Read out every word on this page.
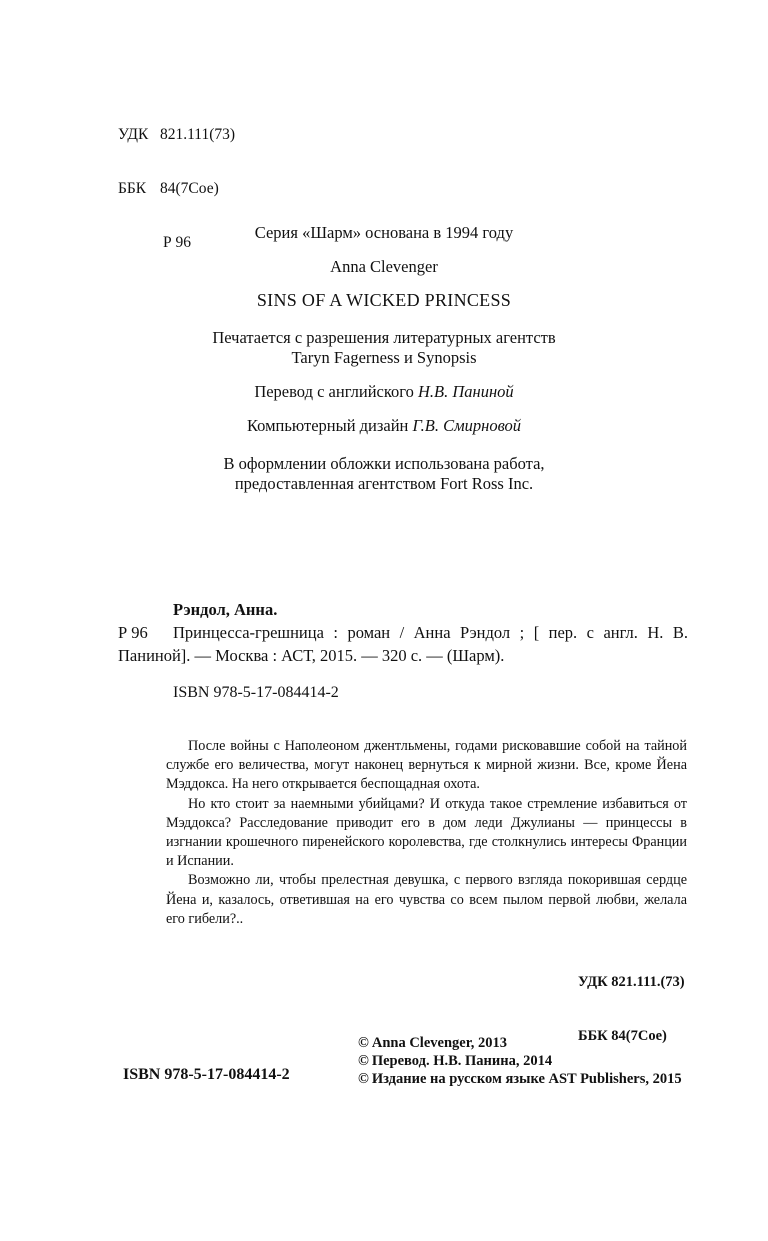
УДК 821.111(73)

ББК 84(7Сое)

Р 96

Серия «Шарм» основана в 1994 году
Anna Clevenger
SINS OF A WICKED PRINCESS
Печатается с разрешения литературных агентств
Taryn Fagerness и Synopsis
Перевод с английского Н.В. Паниной
Компьютерный дизайн Г.В. Смирновой
В оформлении обложки использована работа,
предоставленная агентством Fort Ross Inc.
Рэндол, Анна.
Р 96	Принцесса-грешница : роман / Анна Рэндол ; [ пер. с англ. Н. В. Паниной]. — Москва : АСТ, 2015. — 320 с. — (Шарм).

ISBN 978-5-17-084414-2

После войны с Наполеоном джентльмены, годами рисковавшие собой на тайной службе его величества, могут наконец вернуться к мирной жизни. Все, кроме Йена Мэддокса. На него открывается беспощадная охота.

Но кто стоит за наемными убийцами? И откуда такое стремление избавиться от Мэддокса? Расследование приводит его в дом леди Джулианы — принцессы в изгнании крошечного пиренейского королевства, где столкнулись интересы Франции и Испании.

Возможно ли, чтобы прелестная девушка, с первого взгляда покорившая сердце Йена и, казалось, ответившая на его чувства со всем пылом первой любви, желала его гибели?..

УДК 821.111.(73)

ББК 84(7Сое)

ISBN 978-5-17-084414-2
© Anna Clevenger, 2013
© Перевод. Н.В. Панина, 2014
© Издание на русском языке AST Publishers, 2015
